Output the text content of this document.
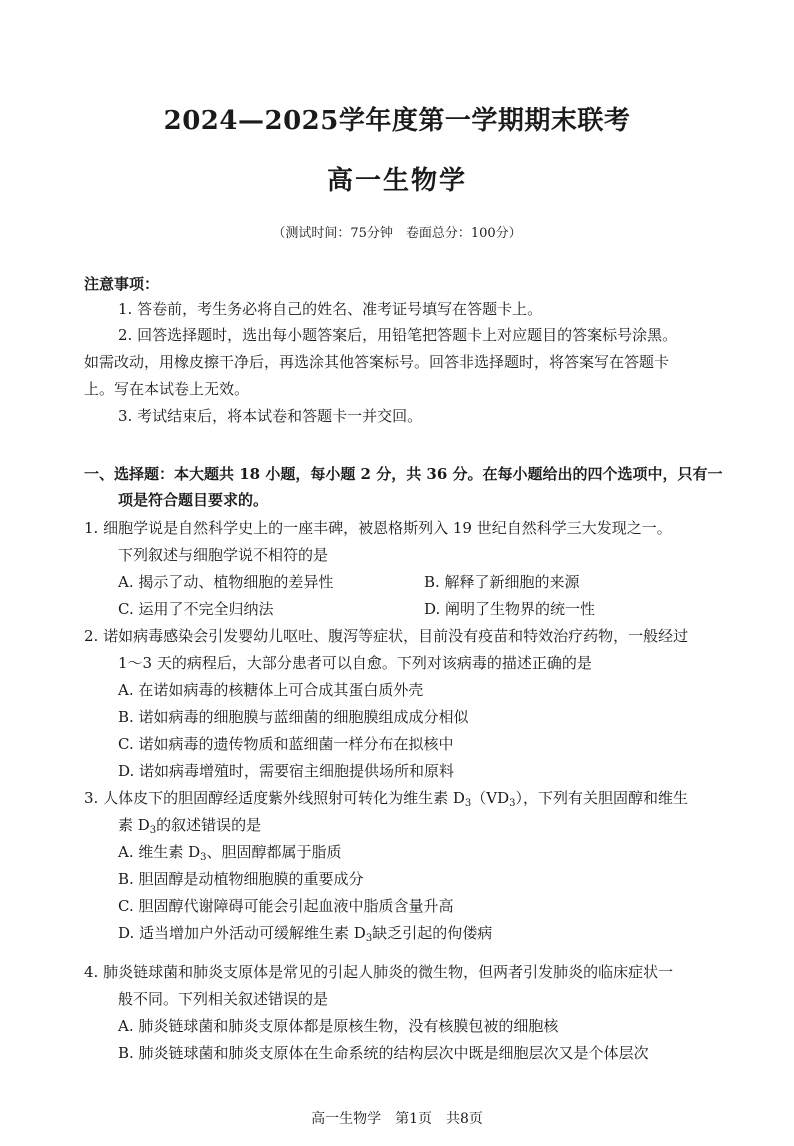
2024—2025学年度第一学期期末联考
高一生物学
（测试时间：75分钟　卷面总分：100分）
注意事项：
1. 答卷前，考生务必将自己的姓名、准考证号填写在答题卡上。
2. 回答选择题时，选出每小题答案后，用铅笔把答题卡上对应题目的答案标号涂黑。
如需改动，用橡皮擦干净后，再选涂其他答案标号。回答非选择题时，将答案写在答题卡
上。写在本试卷上无效。
3. 考试结束后，将本试卷和答题卡一并交回。
一、选择题：本大题共 18 小题，每小题 2 分，共 36 分。在每小题给出的四个选项中，只有一
项是符合题目要求的。
1. 细胞学说是自然科学史上的一座丰碑，被恩格斯列入 19 世纪自然科学三大发现之一。
下列叙述与细胞学说不相符的是
A. 揭示了动、植物细胞的差异性	B. 解释了新细胞的来源
C. 运用了不完全归纳法	D. 阐明了生物界的统一性
2. 诺如病毒感染会引发婴幼儿呕吐、腹泻等症状，目前没有疫苗和特效治疗药物，一般经过
1～3 天的病程后，大部分患者可以自愈。下列对该病毒的描述正确的是
A. 在诺如病毒的核糖体上可合成其蛋白质外壳
B. 诺如病毒的细胞膜与蓝细菌的细胞膜组成成分相似
C. 诺如病毒的遗传物质和蓝细菌一样分布在拟核中
D. 诺如病毒增殖时，需要宿主细胞提供场所和原料
3. 人体皮下的胆固醇经适度紫外线照射可转化为维生素 $D_3(VD_3)$，下列有关胆固醇和维生
素 $D_3$的叙述错误的是
A. 维生素 $D_3$、胆固醇都属于脂质
B. 胆固醇是动植物细胞膜的重要成分
C. 胆固醇代谢障碍可能会引起血液中脂质含量升高
D. 适当增加户外活动可缓解维生素 $D_3$缺乏引起的佝偻病
4. 肺炎链球菌和肺炎支原体是常见的引起人肺炎的微生物，但两者引发肺炎的临床症状一
般不同。下列相关叙述错误的是
A. 肺炎链球菌和肺炎支原体都是原核生物，没有核膜包被的细胞核
B. 肺炎链球菌和肺炎支原体在生命系统的结构层次中既是细胞层次又是个体层次
高一生物学　第1页　共8页
